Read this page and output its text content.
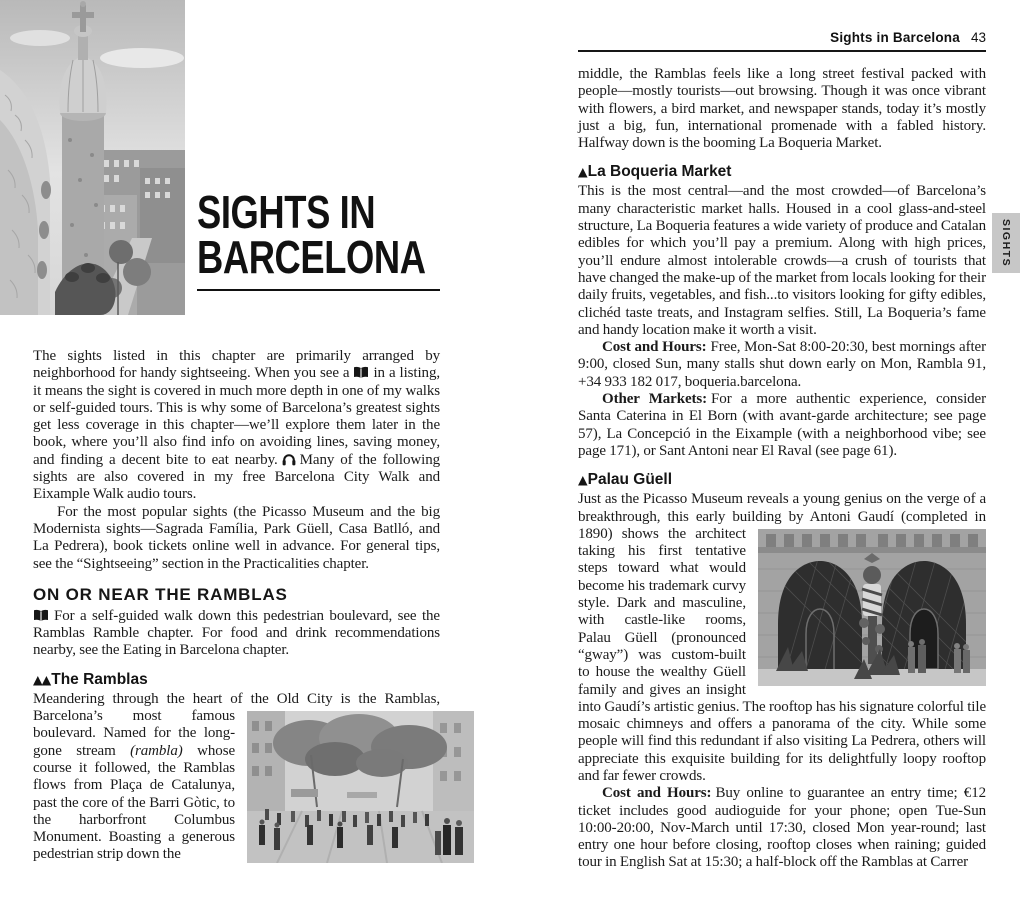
SIGHTS IN
BARCELONA

The sights listed in this chapter are primarily arranged by neighborhood for handy sightseeing. When you see a in a listing, it means the sight is covered in much more depth in one of my walks or self-guided tours. This is why some of Barcelona’s greatest sights get less coverage in this chapter—we’ll explore them later in the book, where you’ll also find info on avoiding lines, saving money, and finding a decent bite to eat nearby. Many of the following sights are also covered in my free Barcelona City Walk and Eixample Walk audio tours.

For the most popular sights (the Picasso Museum and the big Modernista sights—Sagrada Família, Park Güell, Casa Batlló, and La Pedrera), book tickets online well in advance. For general tips, see the “Sightseeing” section in the Practicalities chapter.

ON OR NEAR THE RAMBLAS

For a self-guided walk down this pedestrian boulevard, see the Ramblas Ramble chapter. For food and drink recommendations nearby, see the Eating in Barcelona chapter.

▲▲The Ramblas
Meandering through the heart of the Old City is the Ramblas,
Barcelona’s most famous boulevard. Named for the long-gone stream (rambla) whose course it followed, the Ramblas flows from Plaça de Catalunya, past the core of the Barri Gòtic, to the harborfront Columbus Monument. Boasting a generous pedestrian strip down the
Sights in Barcelona 43

middle, the Ramblas feels like a long street festival packed with people—mostly tourists—out browsing. Though it was once vibrant with flowers, a bird market, and newspaper stands, today it’s mostly just a big, fun, international promenade with a fabled history. Halfway down is the booming La Boqueria Market.

▲La Boqueria Market

This is the most central—and the most crowded—of Barcelona’s many characteristic market halls. Housed in a cool glass-and-steel structure, La Boqueria features a wide variety of produce and Catalan edibles for which you’ll pay a premium. Along with high prices, you’ll endure almost intolerable crowds—a crush of tourists that have changed the make-up of the market from locals looking for their daily fruits, vegetables, and fish...to visitors looking for gifty edibles, clichéd taste treats, and Instagram selfies. Still, La Boqueria’s fame and handy location make it worth a visit.

Cost and Hours: Free, Mon-Sat 8:00-20:30, best mornings after 9:00, closed Sun, many stalls shut down early on Mon, Rambla 91, +34 933 182 017, boqueria.barcelona.

Other Markets: For a more authentic experience, consider Santa Caterina in El Born (with avant-garde architecture; see page 57), La Concepció in the Eixample (with a neighborhood vibe; see page 171), or Sant Antoni near El Raval (see page 61).

▲Palau Güell
Just as the Picasso Museum reveals a young genius on the verge of a breakthrough, this early building by Antoni Gaudí (completed in
1890) shows the architect taking his first tentative steps toward what would become his trademark curvy style. Dark and masculine, with castle-like rooms, Palau Güell (pronounced “gway”) was custom-built to house the wealthy Güell family and gives an insight into Gaudí’s artistic genius. The rooftop has his signature colorful tile mosaic chimneys and offers a panorama of the city. While some people will find this redundant if also visiting La Pedrera, others will appreciate this exquisite building for its delightfully loopy rooftop and far fewer crowds.

Cost and Hours: Buy online to guarantee an entry time; €12 ticket includes good audioguide for your phone; open Tue-Sun 10:00-20:00, Nov-March until 17:30, closed Mon year-round; last entry one hour before closing, rooftop closes when raining; guided tour in English Sat at 15:30; a half-block off the Ramblas at Carrer

SIGHTS
